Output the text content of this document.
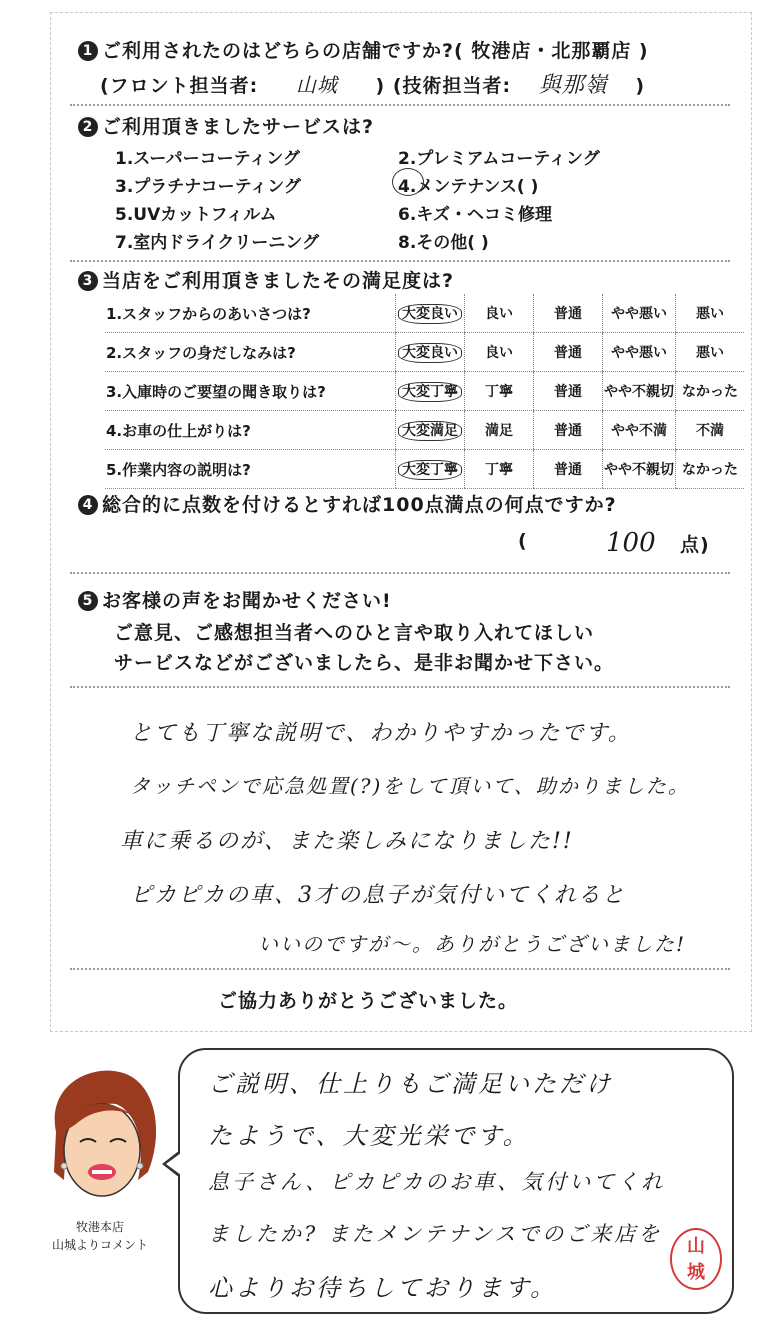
1 ご利用されたのはどちらの店舗ですか?( 牧港店・北那覇店 )
(フロント担当者: 山城 ) (技術担当者: 與那嶺 )
2 ご利用頂きましたサービスは?
1.スーパーコーティング	2.プレミアムコーティング
3.プラチナコーティング	4.メンテナンス( )
5.UVカットフィルム	6.キズ・ヘコミ修理
7.室内ドライクリーニング	8.その他( )
3 当店をご利用頂きましたその満足度は?
1.スタッフからのあいさつは?	大変良い	良い	普通	やや悪い	悪い
2.スタッフの身だしなみは?	大変良い	良い	普通	やや悪い	悪い
3.入庫時のご要望の聞き取りは?	大変丁寧	丁寧	普通	やや不親切	なかった
4.お車の仕上がりは?	大変満足	満足	普通	やや不満	不満
5.作業内容の説明は?	大変丁寧	丁寧	普通	やや不親切	なかった
4 総合的に点数を付けるとすれば100点満点の何点ですか?
(	100 点)
5 お客様の声をお聞かせください!
ご意見、ご感想担当者へのひと言や取り入れてほしい
サービスなどがございましたら、是非お聞かせ下さい。
とても丁寧な説明で、わかりやすかったです。
タッチペンで応急処置(?)をして頂いて、助かりました。
車に乗るのが、また楽しみになりました!!
ピカピカの車、3才の息子が気付いてくれると
いいのですが〜。ありがとうございました!
ご協力ありがとうございました。
牧港本店
山城よりコメント
ご説明、仕上りもご満足いただけ
たようで、大変光栄です。
息子さん、ピカピカのお車、気付いてくれ
ましたか? またメンテナンスでのご来店を
心よりお待ちしております。
山
城
